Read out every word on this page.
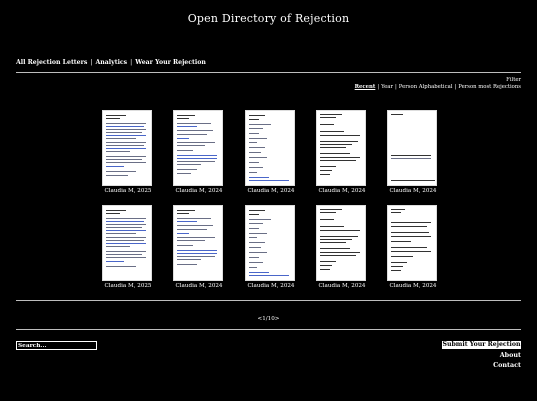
Open Directory of Rejection
All Rejection Letters | Analytics | Wear Your Rejection
Filter
Recent | Year | Person Alphabetical | Person most Rejections
Claudia M, 2025	Claudia M, 2024	Claudia M, 2024	Claudia M, 2024	Claudia M, 2024
Claudia M, 2025	Claudia M, 2024	Claudia M, 2024	Claudia M, 2024	Claudia M, 2024
<1/10>
Search...
Submit Your Rejection
About
Contact
